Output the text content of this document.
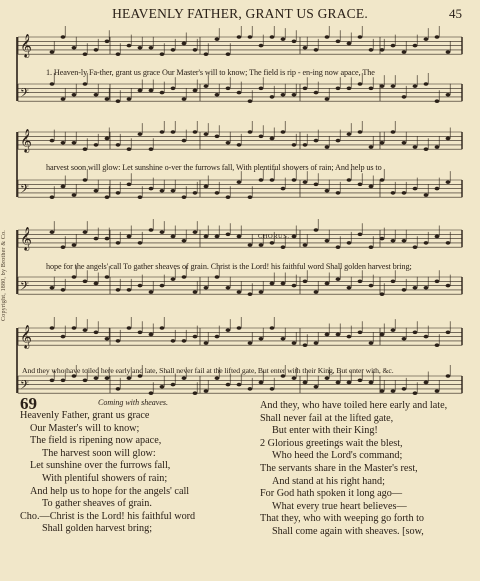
HEAVENLY FATHER, GRANT US GRACE.	45
Copyright, 1880, by Brother & Co.
𝄞
𝄢
𝄞
𝄢
𝄞
𝄢
𝄞
𝄢
1. Heaven-ly Fa-ther, grant us grace Our Master's will to know; The field is rip - en-ing now apace, The
harvest soon will glow: Let sunshine o-ver the furrows fall, With plentiful showers of rain; And help us to
hope for the angels' call To gather sheaves of grain. Christ is the Lord! his faithful word Shall golden harvest bring;
And they who have toiled here early and late, Shall never fail at the lifted gate, But enter with their King, But enter with, &c.
CHORUS.
69	Coming with sheaves.
Heavenly Father, grant us grace
Our Master's will to know;
The field is ripening now apace,
The harvest soon will glow:
Let sunshine over the furrows fall,
With plentiful showers of rain;
And help us to hope for the angels' call
To gather sheaves of grain.
Cho.—Christ is the Lord! his faithful word
Shall golden harvest bring;
And they, who have toiled here early and late,
Shall never fail at the lifted gate,
But enter with their King!
2 Glorious greetings wait the blest,
Who heed the Lord's command;
The servants share in the Master's rest,
And stand at his right hand;
For God hath spoken it long ago—
What every true heart believes—
That they, who with weeping go forth to
Shall come again with sheaves. [sow,
